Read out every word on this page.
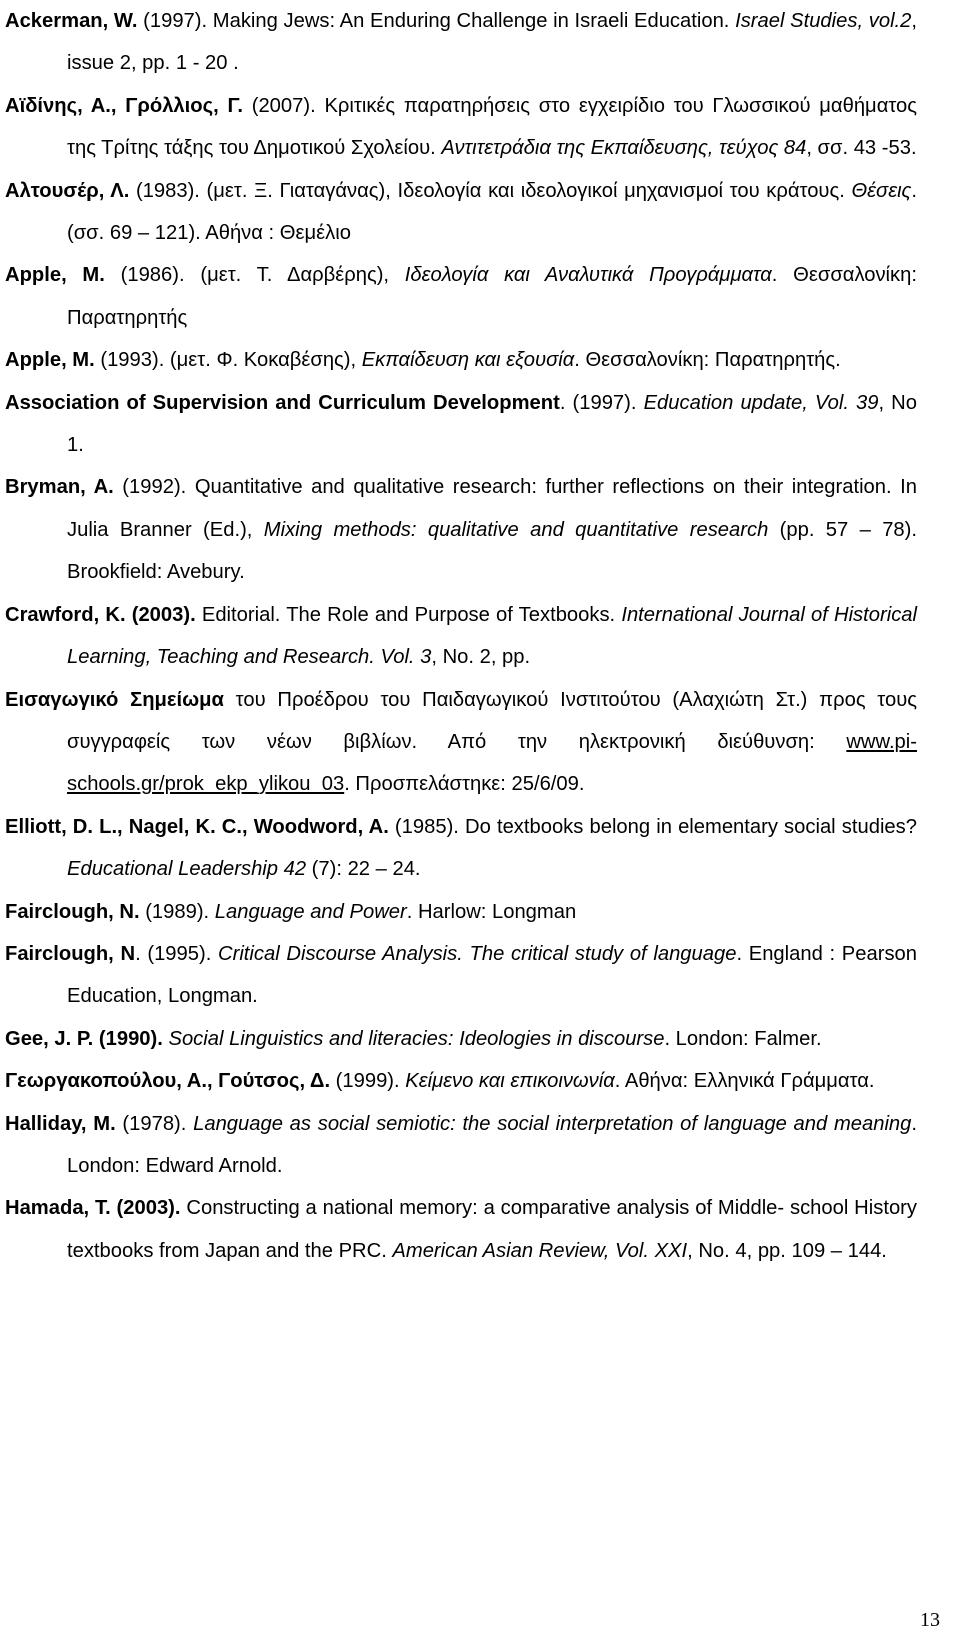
Ackerman, W. (1997). Making Jews: An Enduring Challenge in Israeli Education. Israel Studies, vol.2, issue 2, pp. 1 - 20 .

Αϊδίνης, Α., Γρόλλιος, Γ. (2007). Κριτικές παρατηρήσεις στο εγχειρίδιο του Γλωσσικού μαθήματος της Τρίτης τάξης του Δημοτικού Σχολείου. Αντιτετράδια της Εκπαίδευσης, τεύχος 84, σσ. 43 -53.

Αλτουσέρ, Λ. (1983). (μετ. Ξ. Γιαταγάνας), Ιδεολογία και ιδεολογικοί μηχανισμοί του κράτους. Θέσεις. (σσ. 69 – 121). Αθήνα : Θεμέλιο

Apple, M. (1986). (μετ. Τ. Δαρβέρης), Ιδεολογία και Αναλυτικά Προγράμματα. Θεσσαλονίκη: Παρατηρητής

Apple, M. (1993). (μετ. Φ. Κοκαβέσης), Εκπαίδευση και εξουσία. Θεσσαλονίκη: Παρατηρητής.

Association of Supervision and Curriculum Development. (1997). Education update, Vol. 39, No 1.

Bryman, A. (1992). Quantitative and qualitative research: further reflections on their integration. In Julia Branner (Ed.), Mixing methods: qualitative and quantitative research (pp. 57 – 78). Brookfield: Avebury.

Crawford, K. (2003). Editorial. The Role and Purpose of Textbooks. International Journal of Historical Learning, Teaching and Research. Vol. 3, No. 2, pp.

Εισαγωγικό Σημείωμα του Προέδρου του Παιδαγωγικού Ινστιτούτου (Αλαχιώτη Στ.) προς τους συγγραφείς των νέων βιβλίων. Από την ηλεκτρονική διεύθυνση: www.pi-schools.gr/prok_ekp_ylikou_03. Προσπελάστηκε: 25/6/09.

Elliott, D. L., Nagel, K. C., Woodword, A. (1985). Do textbooks belong in elementary social studies? Educational Leadership 42 (7): 22 – 24.

Fairclough, N. (1989). Language and Power. Harlow: Longman

Fairclough, N. (1995). Critical Discourse Analysis. The critical study of language. England : Pearson Education, Longman.

Gee, J. P. (1990). Social Linguistics and literacies: Ideologies in discourse. London: Falmer.

Γεωργακοπούλου, Α., Γούτσος, Δ. (1999). Κείμενο και επικοινωνία. Αθήνα: Ελληνικά Γράμματα.

Halliday, M. (1978). Language as social semiotic: the social interpretation of language and meaning. London: Edward Arnold.

Hamada, T. (2003). Constructing a national memory: a comparative analysis of Middle- school History textbooks from Japan and the PRC. American Asian Review, Vol. XXI, No. 4, pp. 109 – 144.

13
